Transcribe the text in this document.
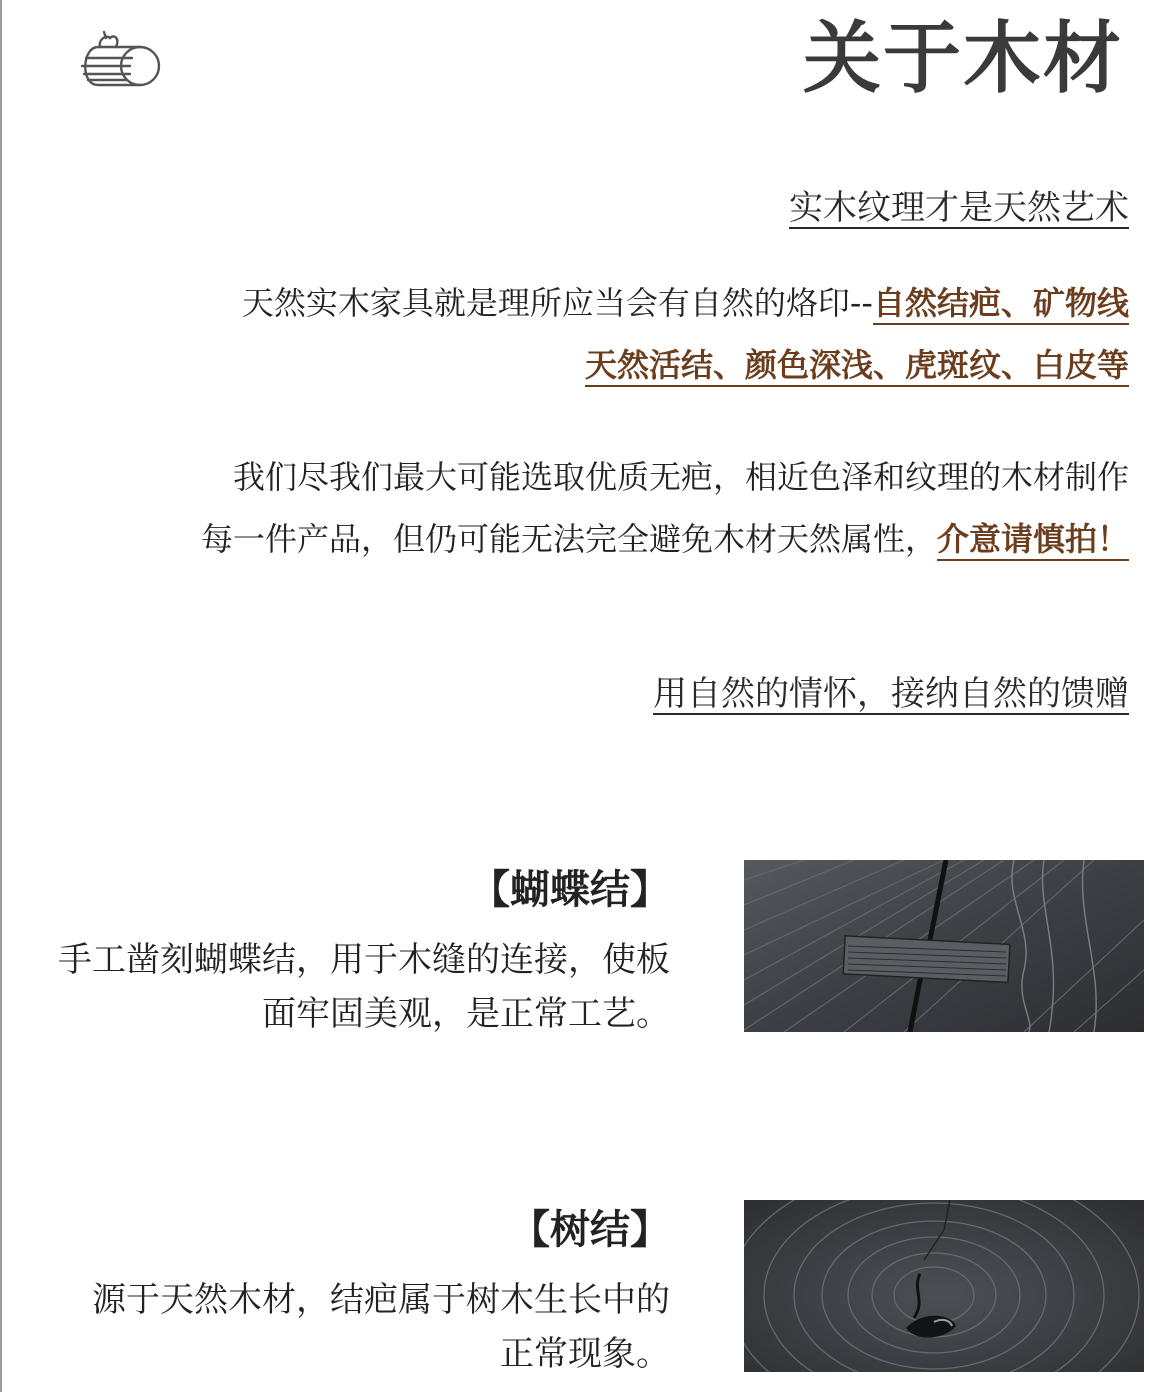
关于木材
实木纹理才是天然艺术
天然实木家具就是理所应当会有自然的烙印--自然结疤、矿物线
天然活结、颜色深浅、虎斑纹、白皮等
我们尽我们最大可能选取优质无疤，相近色泽和纹理的木材制作
每一件产品，但仍可能无法完全避免木材天然属性，介意请慎拍！
用自然的情怀，接纳自然的馈赠
【蝴蝶结】
手工凿刻蝴蝶结，用于木缝的连接，使板
面牢固美观，是正常工艺。
【树结】
源于天然木材，结疤属于树木生长中的
正常现象。
